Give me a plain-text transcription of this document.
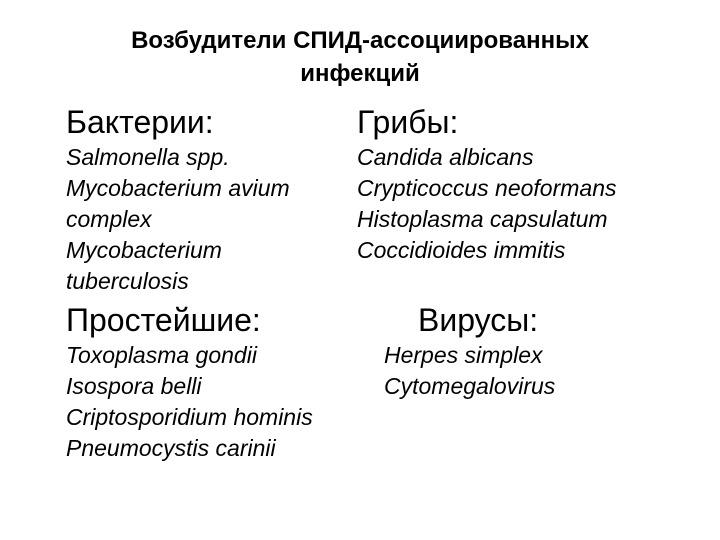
Возбудители СПИД-ассоциированных
инфекций
Бактерии:
Salmonella spp.
Mycobacterium avium
complex
Mycobacterium
tuberculosis
Грибы:
Candida albicans
Crypticoccus neoformans
Histoplasma capsulatum
Coccidioides immitis
Простейшие:
Toxoplasma gondii
Isospora belli
Criptosporidium hominis
Pneumocystis carinii
Вирусы:
Herpes simplex
Cytomegalovirus
